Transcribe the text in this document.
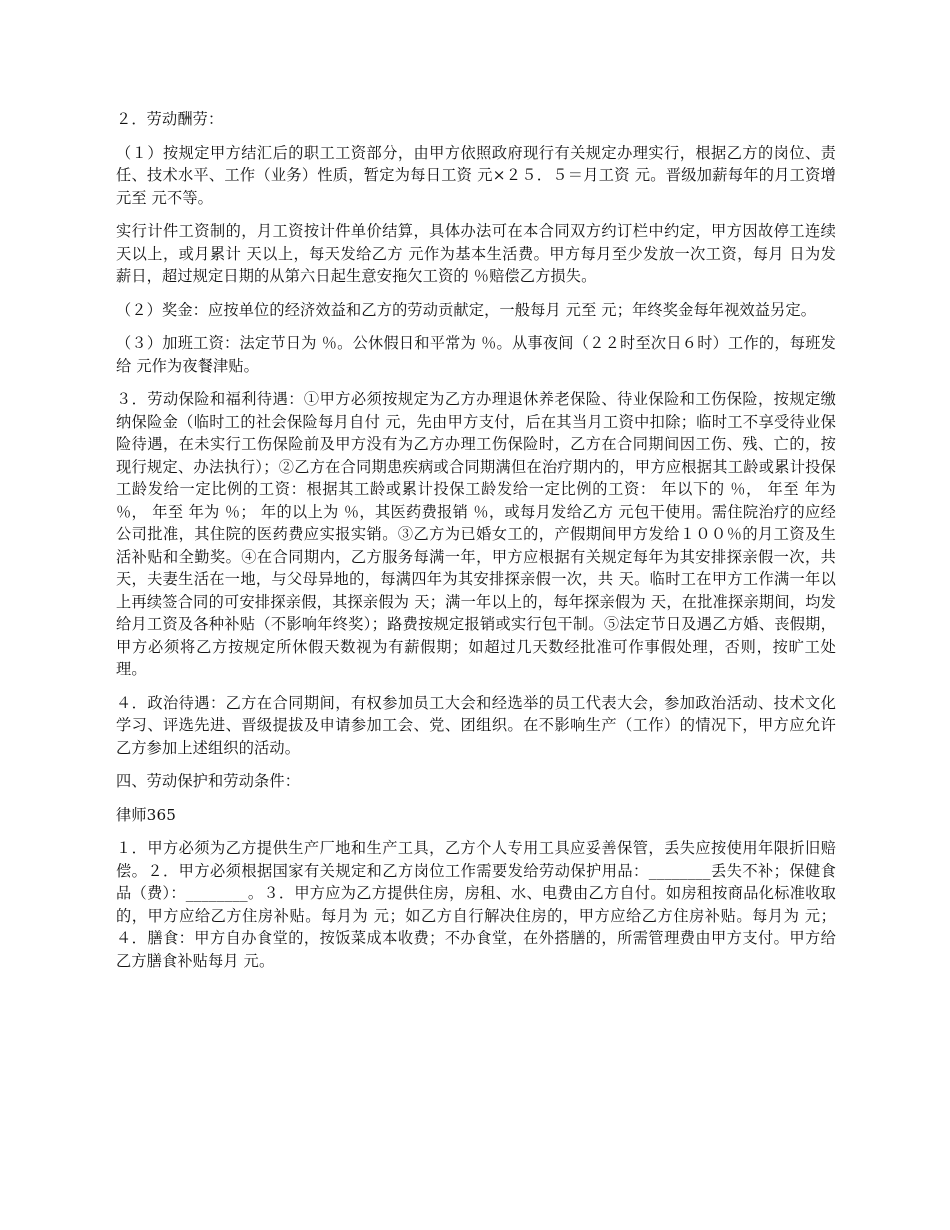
２．劳动酬劳：

（１）按规定甲方结汇后的职工工资部分，由甲方依照政府现行有关规定办理实行，根据乙方的岗位、责任、技术水平、工作（业务）性质，暂定为每日工资 元×２５．５＝月工资 元。晋级加薪每年的月工资增 元至 元不等。

实行计件工资制的，月工资按计件单价结算，具体办法可在本合同双方约订栏中约定，甲方因故停工连续 天以上，或月累计 天以上，每天发给乙方 元作为基本生活费。甲方每月至少发放一次工资，每月 日为发薪日，超过规定日期的从第六日起生意安拖欠工资的 ％赔偿乙方损失。

（２）奖金：应按单位的经济效益和乙方的劳动贡献定，一般每月 元至 元；年终奖金每年视效益另定。

（３）加班工资：法定节日为 ％。公休假日和平常为 ％。从事夜间（２２时至次日６时）工作的，每班发给 元作为夜餐津贴。

３．劳动保险和福利待遇：①甲方必须按规定为乙方办理退休养老保险、待业保险和工伤保险，按规定缴纳保险金（临时工的社会保险每月自付 元，先由甲方支付，后在其当月工资中扣除；临时工不享受待业保险待遇，在未实行工伤保险前及甲方没有为乙方办理工伤保险时，乙方在合同期间因工伤、残、亡的，按现行规定、办法执行）；②乙方在合同期患疾病或合同期满但在治疗期内的，甲方应根据其工龄或累计投保工龄发给一定比例的工资：根据其工龄或累计投保工龄发给一定比例的工资： 年以下的 ％， 年至 年为 ％， 年至 年为 ％； 年的以上为 ％，其医药费报销 ％，或每月发给乙方 元包干使用。需住院治疗的应经公司批准，其住院的医药费应实报实销。③乙方为已婚女工的，产假期间甲方发给１００％的月工资及生活补贴和全勤奖。④在合同期内，乙方服务每满一年，甲方应根据有关规定每年为其安排探亲假一次，共 天，夫妻生活在一地，与父母异地的，每满四年为其安排探亲假一次，共 天。临时工在甲方工作满一年以上再续签合同的可安排探亲假，其探亲假为 天；满一年以上的，每年探亲假为 天，在批准探亲期间，均发给月工资及各种补贴（不影响年终奖）；路费按规定报销或实行包干制。⑤法定节日及遇乙方婚、丧假期，甲方必须将乙方按规定所休假天数视为有薪假期；如超过几天数经批准可作事假处理，否则，按旷工处理。

４．政治待遇：乙方在合同期间，有权参加员工大会和经选举的员工代表大会，参加政治活动、技术文化学习、评选先进、晋级提拔及申请参加工会、党、团组织。在不影响生产（工作）的情况下，甲方应允许乙方参加上述组织的活动。

四、劳动保护和劳动条件：

律师365

１．甲方必须为乙方提供生产厂地和生产工具，乙方个人专用工具应妥善保管，丢失应按使用年限折旧赔偿。２．甲方必须根据国家有关规定和乙方岗位工作需要发给劳动保护用品：________丢失不补；保健食品（费）：________。３．甲方应为乙方提供住房，房租、水、电费由乙方自付。如房租按商品化标准收取的，甲方应给乙方住房补贴。每月为 元；如乙方自行解决住房的，甲方应给乙方住房补贴。每月为 元； ４．膳食：甲方自办食堂的，按饭菜成本收费；不办食堂，在外搭膳的，所需管理费由甲方支付。甲方给乙方膳食补贴每月 元。
